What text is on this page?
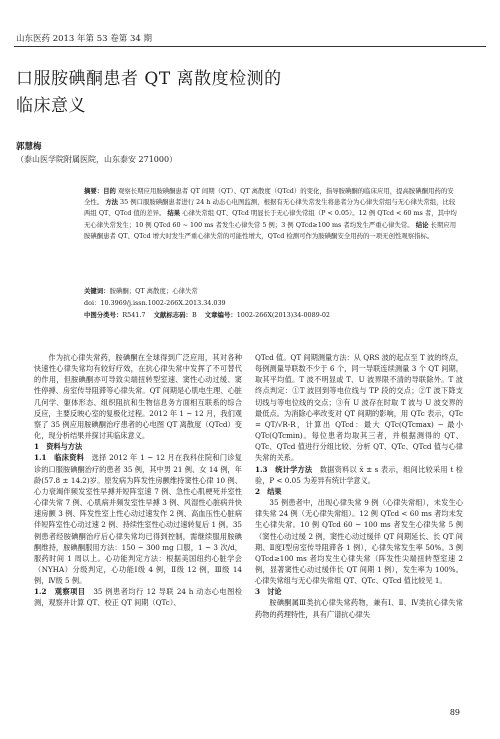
山东医药 2013 年第 53 卷第 34 期
口服胺碘酮患者 QT 离散度检测的
临床意义
郭慧梅
（泰山医学院附属医院，山东泰安 271000）
摘要：目的 观察长期应用胺碘酮患者 QT 间期（QT）、QT 离散度（QTcd）的变化，指导胺碘酮的临床应用，提高胺碘酮用药的安全性。 方法 35 例口服胺碘酮患者进行 24 h 动态心电图监测，根据有无心律失常发生将患者分为心律失常组与无心律失常组，比较两组 QT、QTcd 值的差异。 结果 心律失常组 QT、QTcd 明显长于无心律失常组（P < 0.05）。12 例 QTcd < 60 ms 者，其中均无心律失常发生；10 例 QTcd 60 ~ 100 ms 者发生心律失常 5 例；3 例 QTcd≥100 ms 者均发生严重心律失常。 结论 长期应用胺碘酮患者 QT、QTcd 增大时发生严重心律失常的可能性增大，QTcd 检测可作为胺碘酮安全用药的一项无创性观察指标。
关键词：胺碘酮；QT 离散度；心律失常
doi：10.3969/j.issn.1002-266X.2013.34.039
中图分类号：R541.7 文献标志码：B 文章编号：1002-266X(2013)34-0089-02

作为抗心律失常药，胺碘酮在全球得到广泛应用，其对各种快速性心律失常均有较好疗效，在抗心律失常中发挥了不可替代的作用，但胺碘酮亦可导致尖端扭转型室速、窦性心动过缓、窦性停搏、房室传导阻滞等心律失常。QT 间期是心肌电生理、心脏几何学、躯体形态、组织阻抗和生物信息务方面相互联系的综合反应，主要反映心室的复极化过程。2012 年 1 ~ 12 月，我们观察了 35 例应用胺碘酮治疗患者的心电图 QT 离散度（QTcd）变化，现分析结果并探讨其临床意义。

1　资料与方法

1.1　临床资料　 选择 2012 年 1 ~ 12 月在我科住院和门诊复诊的口服胺碘酮治疗的患者 35 例，其中男 21 例、女 14 例，年龄(57.8 ± 14.2)岁。原发病为阵发性房颤维持窦性心律 10 例、心力衰竭伴频发室性早搏并短阵室速 7 例、急性心肌梗死并室性心律失常 7 例、心肌病并频发室性早搏 3 例、风湿性心脏病并快速房颤 3 例、阵发性室上性心动过速发作 2 例、高血压性心脏病伴短阵室性心动过速 2 例、持续性室性心动过速转复后 1 例。35 例患者经胺碘酮治疗后心律失常均已得到控制，需继续服用胺碘酮维持，胺碘酮服用方法：150 ~ 300 mg 口服，1 ~ 3 次/d，服药时间 1 周以上。心功能判定方法：根据美国纽约心脏学会（NYHA）分级判定，心功能Ⅰ级 4 例，Ⅱ级 12 例，Ⅲ级 14 例，Ⅳ级 5 例。

1.2　观察项目　 35 例患者均行 12 导联 24 h 动态心电图检测，观察并计算 QT、校正 QT 间期（QTc）、

QTcd 值。QT 间期测量方法：从 QRS 波的起点至 T 波的终点，每例测量导联数不少于 6 个，同一导联连续测量 3 个 QT 间期，取其平均值。T 波不明显或 T、U 波界限不清的导联除外。T 波终点判定：①T 波回到等电位线与 TP 段的交点；②T 波下降支切线与等电位线的交点；③有 U 波存在时取 T 波与 U 波交界的最低点。为消除心率改变对 QT 间期的影响，用 QTc 表示，QTc = QT/√R-R，计算出 QTcd：最大 QTc(QTcmax) − 最小 QTc(QTcmin)。每位患者均取其三者，并根据测得的 QT、QTc、QTcd 值进行分组比较、分析 QT、QTc、QTcd 值与心律失常的关系。

1.3　统计学方法　 数据资料以 x̄ ± s 表示，组间比较采用 t 检验，P < 0.05 为差异有统计学意义。

2　结果

35 例患者中，出现心律失常 9 例（心律失常组），未发生心律失常 24 例（无心律失常组）。12 例 QTcd < 60 ms 者均未发生心律失常。10 例 QTcd 60 ~ 100 ms 者发生心律失常 5 例（窦性心动过缓 2 例，窦性心动过缓伴 QT 间期延长、长 QT 间期、Ⅱ度Ⅰ型房室传导阻滞各 1 例），心律失常发生率 50%。3 例 QTcd≥100 ms 者均发生心律失常（阵发性尖端扭转型室速 2 例，显著窦性心动过缓伴长 QT 间期 1 例），发生率为 100%。心律失常组与无心律失常组 QT、QTc、QTcd 值比较见 1。

3　讨论

胺碘酮属Ⅲ类抗心律失常药物，兼有Ⅰ、Ⅱ、Ⅳ类抗心律失常药物的药理特性，具有广谱抗心律失

89
